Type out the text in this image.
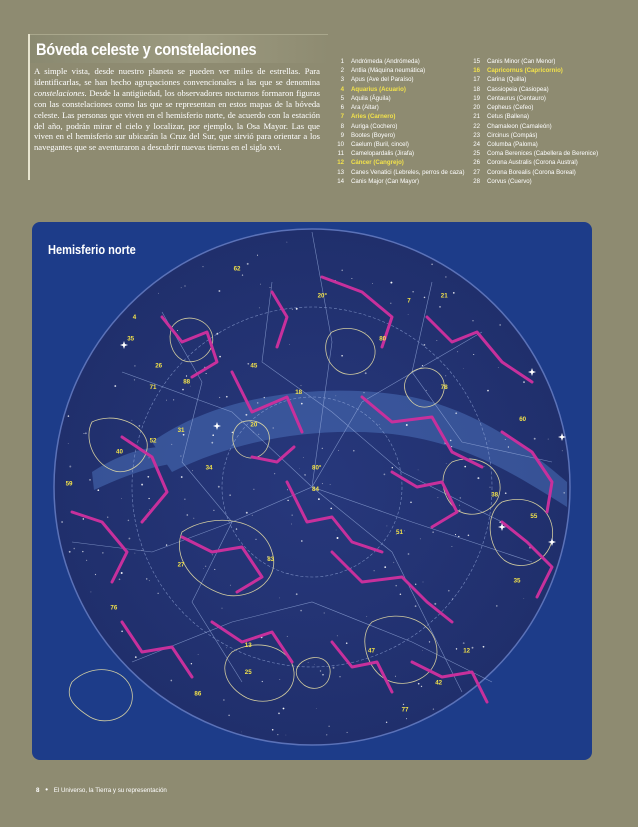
Bóveda celeste y constelaciones

A simple vista, desde nuestro planeta se pueden ver miles de estrellas. Para identificarlas, se han hecho agrupaciones convencionales a las que se denomina constelaciones. Desde la antigüedad, los observadores nocturnos formaron figuras con las constelaciones como las que se representan en estos mapas de la bóveda celeste. Las personas que viven en el hemisferio norte, de acuerdo con la estación del año, podrán mirar el cielo y localizar, por ejemplo, la Osa Mayor. Las que viven en el hemisferio sur ubicarán la Cruz del Sur, que sirvió para orientar a los navegantes que se aventuraron a descubrir nuevas tierras en el siglo xvi.

1 Andrómeda (Andrómeda)
2 Antlia (Máquina neumática)
3 Apus (Ave del Paraíso)
4 Aquarius (Acuario)
5 Aquila (Águila)
6 Ara (Altar)
7 Aries (Carnero)
8 Auriga (Cochero)
9 Bootes (Boyero)
10 Caelum (Buril, cincel)
11 Camelopardalis (Jirafa)
12 Cáncer (Cangrejo)
13 Canes Venatici (Lebreles, perros de caza)
14 Canis Major (Can Mayor)
15 Canis Minor (Can Menor)
16 Capricornus (Capricornio)
17 Carina (Quilla)
18 Cassiopeia (Casiopea)
19 Centaurus (Centauro)
20 Cepheus (Cefeo)
21 Cetus (Ballena)
22 Chamaleon (Camaleón)
23 Circinus (Compás)
24 Columba (Paloma)
25 Coma Berenices (Cabellera de Berenice)
26 Corona Australis (Corona Austral)
27 Corona Borealis (Corona Boreal)
28 Corvus (Cuervo)
62
4
35
26
71
88
52
31
40
34
45
18
20
20°
80
7
21
78
80°
84
60
59
51
38
55
27
83
35
76
13
25
12
47
42
86
77
Hemisferio norte
8 • El Universo, la Tierra y su representación
